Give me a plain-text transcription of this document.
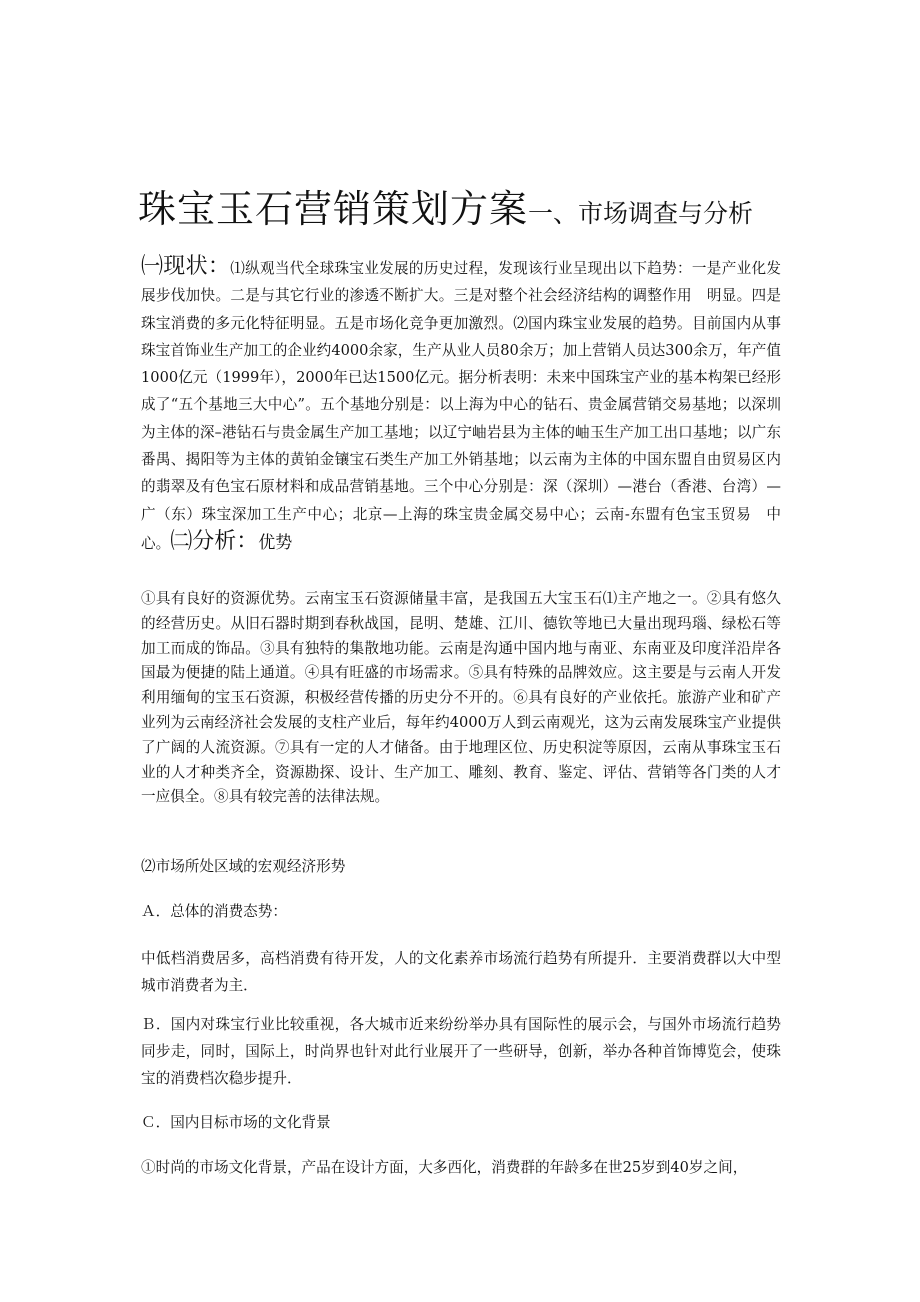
珠宝玉石营销策划方案一、市场调查与分析
㈠现状：⑴纵观当代全球珠宝业发展的历史过程，发现该行业呈现出以下趋势：一是产业化发展步伐加快。二是与其它行业的渗透不断扩大。三是对整个社会经济结构的调整作用　明显。四是珠宝消费的多元化特征明显。五是市场化竞争更加激烈。⑵国内珠宝业发展的趋势。目前国内从事珠宝首饰业生产加工的企业约4000余家，生产从业人员80余万；加上营销人员达300余万，年产值1000亿元（1999年），2000年已达1500亿元。据分析表明：未来中国珠宝产业的基本构架已经形成了“五个基地三大中心”。五个基地分别是：以上海为中心的钻石、贵金属营销交易基地；以深圳为主体的深–港钻石与贵金属生产加工基地；以辽宁岫岩县为主体的岫玉生产加工出口基地；以广东番禺、揭阳等为主体的黄铂金镶宝石类生产加工外销基地；以云南为主体的中国东盟自由贸易区内的翡翠及有色宝石原材料和成品营销基地。三个中心分别是：深（深圳）—港台（香港、台湾）—广（东）珠宝深加工生产中心；北京—上海的珠宝贵金属交易中心；云南-东盟有色宝玉贸易　中心。㈡分析：优势
①具有良好的资源优势。云南宝玉石资源储量丰富，是我国五大宝玉石⑴主产地之一。②具有悠久的经营历史。从旧石器时期到春秋战国，昆明、楚雄、江川、德钦等地已大量出现玛瑙、绿松石等加工而成的饰品。③具有独特的集散地功能。云南是沟通中国内地与南亚、东南亚及印度洋沿岸各国最为便捷的陆上通道。④具有旺盛的市场需求。⑤具有特殊的品牌效应。这主要是与云南人开发利用缅甸的宝玉石资源，积极经营传播的历史分不开的。⑥具有良好的产业依托。旅游产业和矿产业列为云南经济社会发展的支柱产业后，每年约4000万人到云南观光，这为云南发展珠宝产业提供了广阔的人流资源。⑦具有一定的人才储备。由于地理区位、历史积淀等原因，云南从事珠宝玉石业的人才种类齐全，资源勘探、设计、生产加工、雕刻、教育、鉴定、评估、营销等各门类的人才一应俱全。⑧具有较完善的法律法规。
⑵市场所处区域的宏观经济形势
Ａ．总体的消费态势：
中低档消费居多，高档消费有待开发，人的文化素养市场流行趋势有所提升．主要消费群以大中型城市消费者为主．
Ｂ．国内对珠宝行业比较重视，各大城市近来纷纷举办具有国际性的展示会，与国外市场流行趋势同步走，同时，国际上，时尚界也针对此行业展开了一些研导，创新，举办各种首饰博览会，使珠宝的消费档次稳步提升．
Ｃ．国内目标市场的文化背景
①时尚的市场文化背景，产品在设计方面，大多西化，消费群的年龄多在世25岁到40岁之间，
